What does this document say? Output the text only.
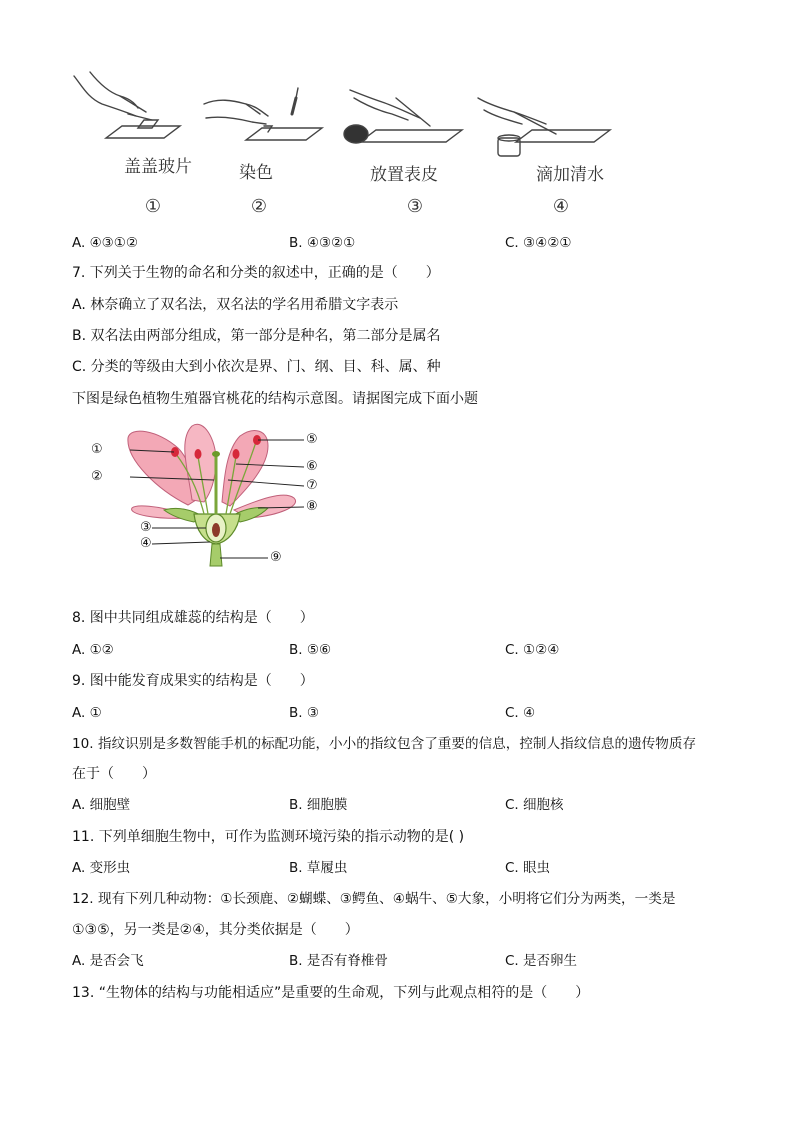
盖盖玻片	染色	放置表皮	滴加清水
①	②	③	④
A. ④③①②	B. ④③②①	C. ③④②①
7. 下列关于生物的命名和分类的叙述中，正确的是（　　）
A. 林奈确立了双名法，双名法的学名用希腊文字表示
B. 双名法由两部分组成，第一部分是种名，第二部分是属名
C. 分类的等级由大到小依次是界、门、纲、目、科、属、种
下图是绿色植物生殖器官桃花的结构示意图。请据图完成下面小题
①
②
③
④
⑤
⑥
⑦
⑧
⑨
8. 图中共同组成雄蕊的结构是（　　）
A. ①②	B. ⑤⑥	C. ①②④
9. 图中能发育成果实的结构是（　　）
A. ①	B. ③	C. ④
10. 指纹识别是多数智能手机的标配功能，小小的指纹包含了重要的信息，控制人指纹信息的遗传物质存
在于（　　）
A. 细胞壁	B. 细胞膜	C. 细胞核
11. 下列单细胞生物中，可作为监测环境污染的指示动物的是( )
A. 变形虫	B. 草履虫	C. 眼虫
12. 现有下列几种动物：①长颈鹿、②蝴蝶、③鳄鱼、④蜗牛、⑤大象，小明将它们分为两类，一类是
①③⑤，另一类是②④，其分类依据是（　　）
A. 是否会飞	B. 是否有脊椎骨	C. 是否卵生
13. “生物体的结构与功能相适应”是重要的生命观，下列与此观点相符的是（　　）
